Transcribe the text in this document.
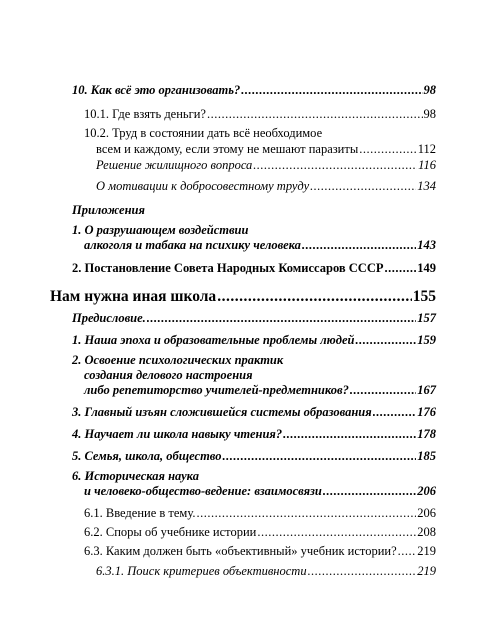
10. Как всё это организовать? .....	98
10.1. Где взять деньги? .....	98
10.2. Труд в состоянии дать всё необходимое
всем и каждому, если этому не мешают паразиты .....	112
Решение жилищного вопроса .....	116
О мотивации к добросовестному труду .....	134
Приложения
1. О разрушающем воздействии
алкоголя и табака на психику человека .....	143
2. Постановление Совета Народных Комиссаров СССР .....	149
Нам нужна иная школа .....	155
Предисловие. .....	157
1. Наша эпоха и образовательные проблемы людей .....	159
2. Освоение психологических практик
создания делового настроения
либо репетиторство учителей-предметников? .....	167
3. Главный изъян сложившейся системы образования .....	176
4. Научает ли школа навыку чтения? .....	178
5. Семья, школа, общество .....	185
6. Историческая наука
и человеко-общество-ведение: взаимосвязи .....	206
6.1. Введение в тему. .....	206
6.2. Споры об учебнике истории .....	208
6.3. Каким должен быть «объективный» учебник истории? ..... 219
6.3.1. Поиск критериев объективности .....	219
